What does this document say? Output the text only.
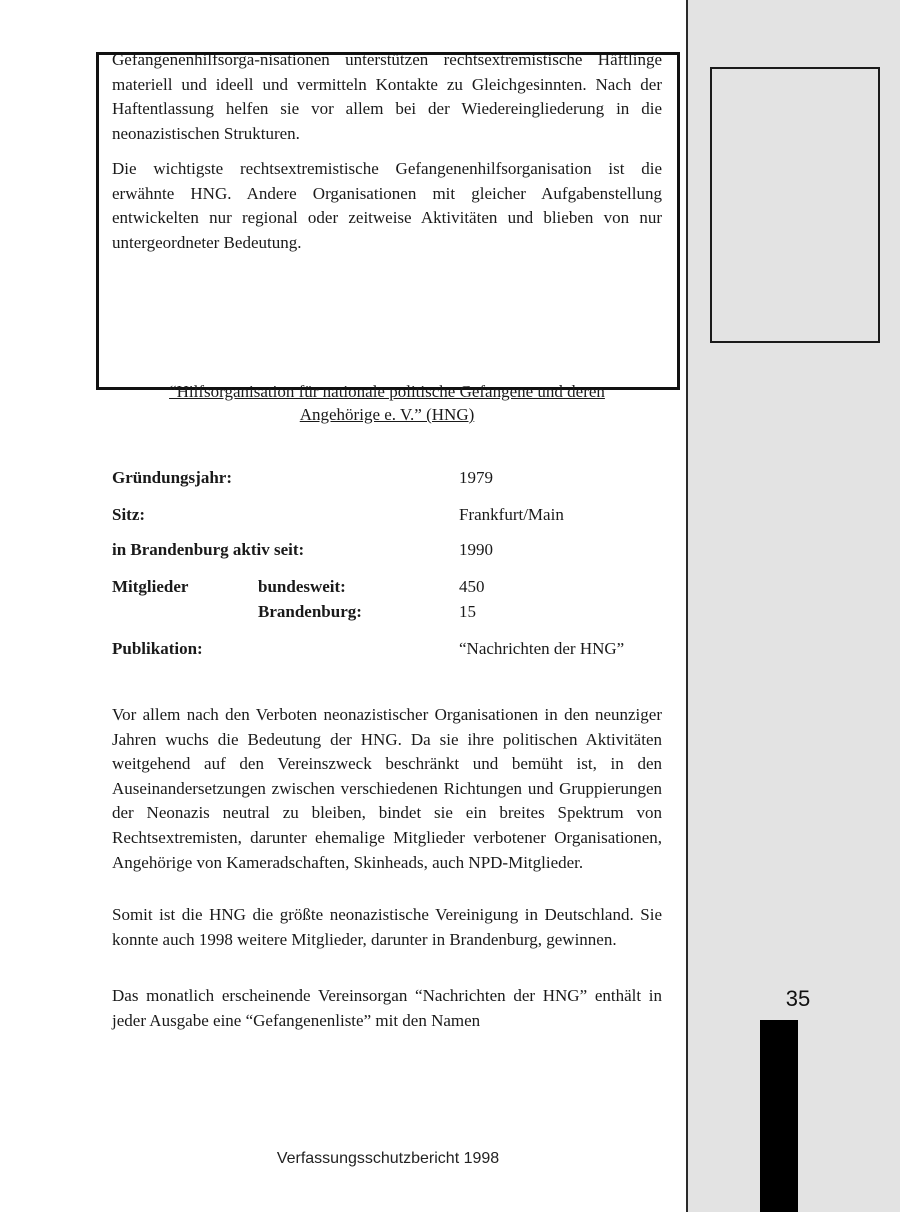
Gefangenenhilfsorga-nisationen unterstützen rechtsextremistische Häftlinge materiell und ideell und vermitteln Kontakte zu Gleichgesinnten. Nach der Haftentlassung helfen sie vor allem bei der Wiedereingliederung in die neonazistischen Strukturen.

Die wichtigste rechtsextremistische Gefangenenhilfsorganisation ist die erwähnte HNG. Andere Organisationen mit gleicher Aufgabenstellung entwickelten nur regional oder zeitweise Aktivitäten und blieben von nur untergeordneter Bedeutung.

“Hilfsorganisation für nationale politische Gefangene und deren
Angehörige e. V.” (HNG)
Gründungsjahr:	1979
Sitz:	Frankfurt/Main
in Brandenburg aktiv seit:	1990
Mitglieder	bundesweit:	450
Brandenburg:	15
Publikation:	“Nachrichten der HNG”

Vor allem nach den Verboten neonazistischer Organisationen in den neunziger Jahren wuchs die Bedeutung der HNG. Da sie ihre politischen Aktivitäten weitgehend auf den Vereinszweck beschränkt und bemüht ist, in den Auseinandersetzungen zwischen verschiedenen Richtungen und Gruppierungen der Neonazis neutral zu bleiben, bindet sie ein breites Spektrum von Rechtsextremisten, darunter ehemalige Mitglieder verbotener Organisationen, Angehörige von Kameradschaften, Skinheads, auch NPD-Mitglieder.

Somit ist die HNG die größte neonazistische Vereinigung in Deutschland. Sie konnte auch 1998 weitere Mitglieder, darunter in Brandenburg, gewinnen.

Das monatlich erscheinende Vereinsorgan “Nachrichten der HNG” enthält in jeder Ausgabe eine “Gefangenenliste” mit den Namen

Verfassungsschutzbericht 1998
35
